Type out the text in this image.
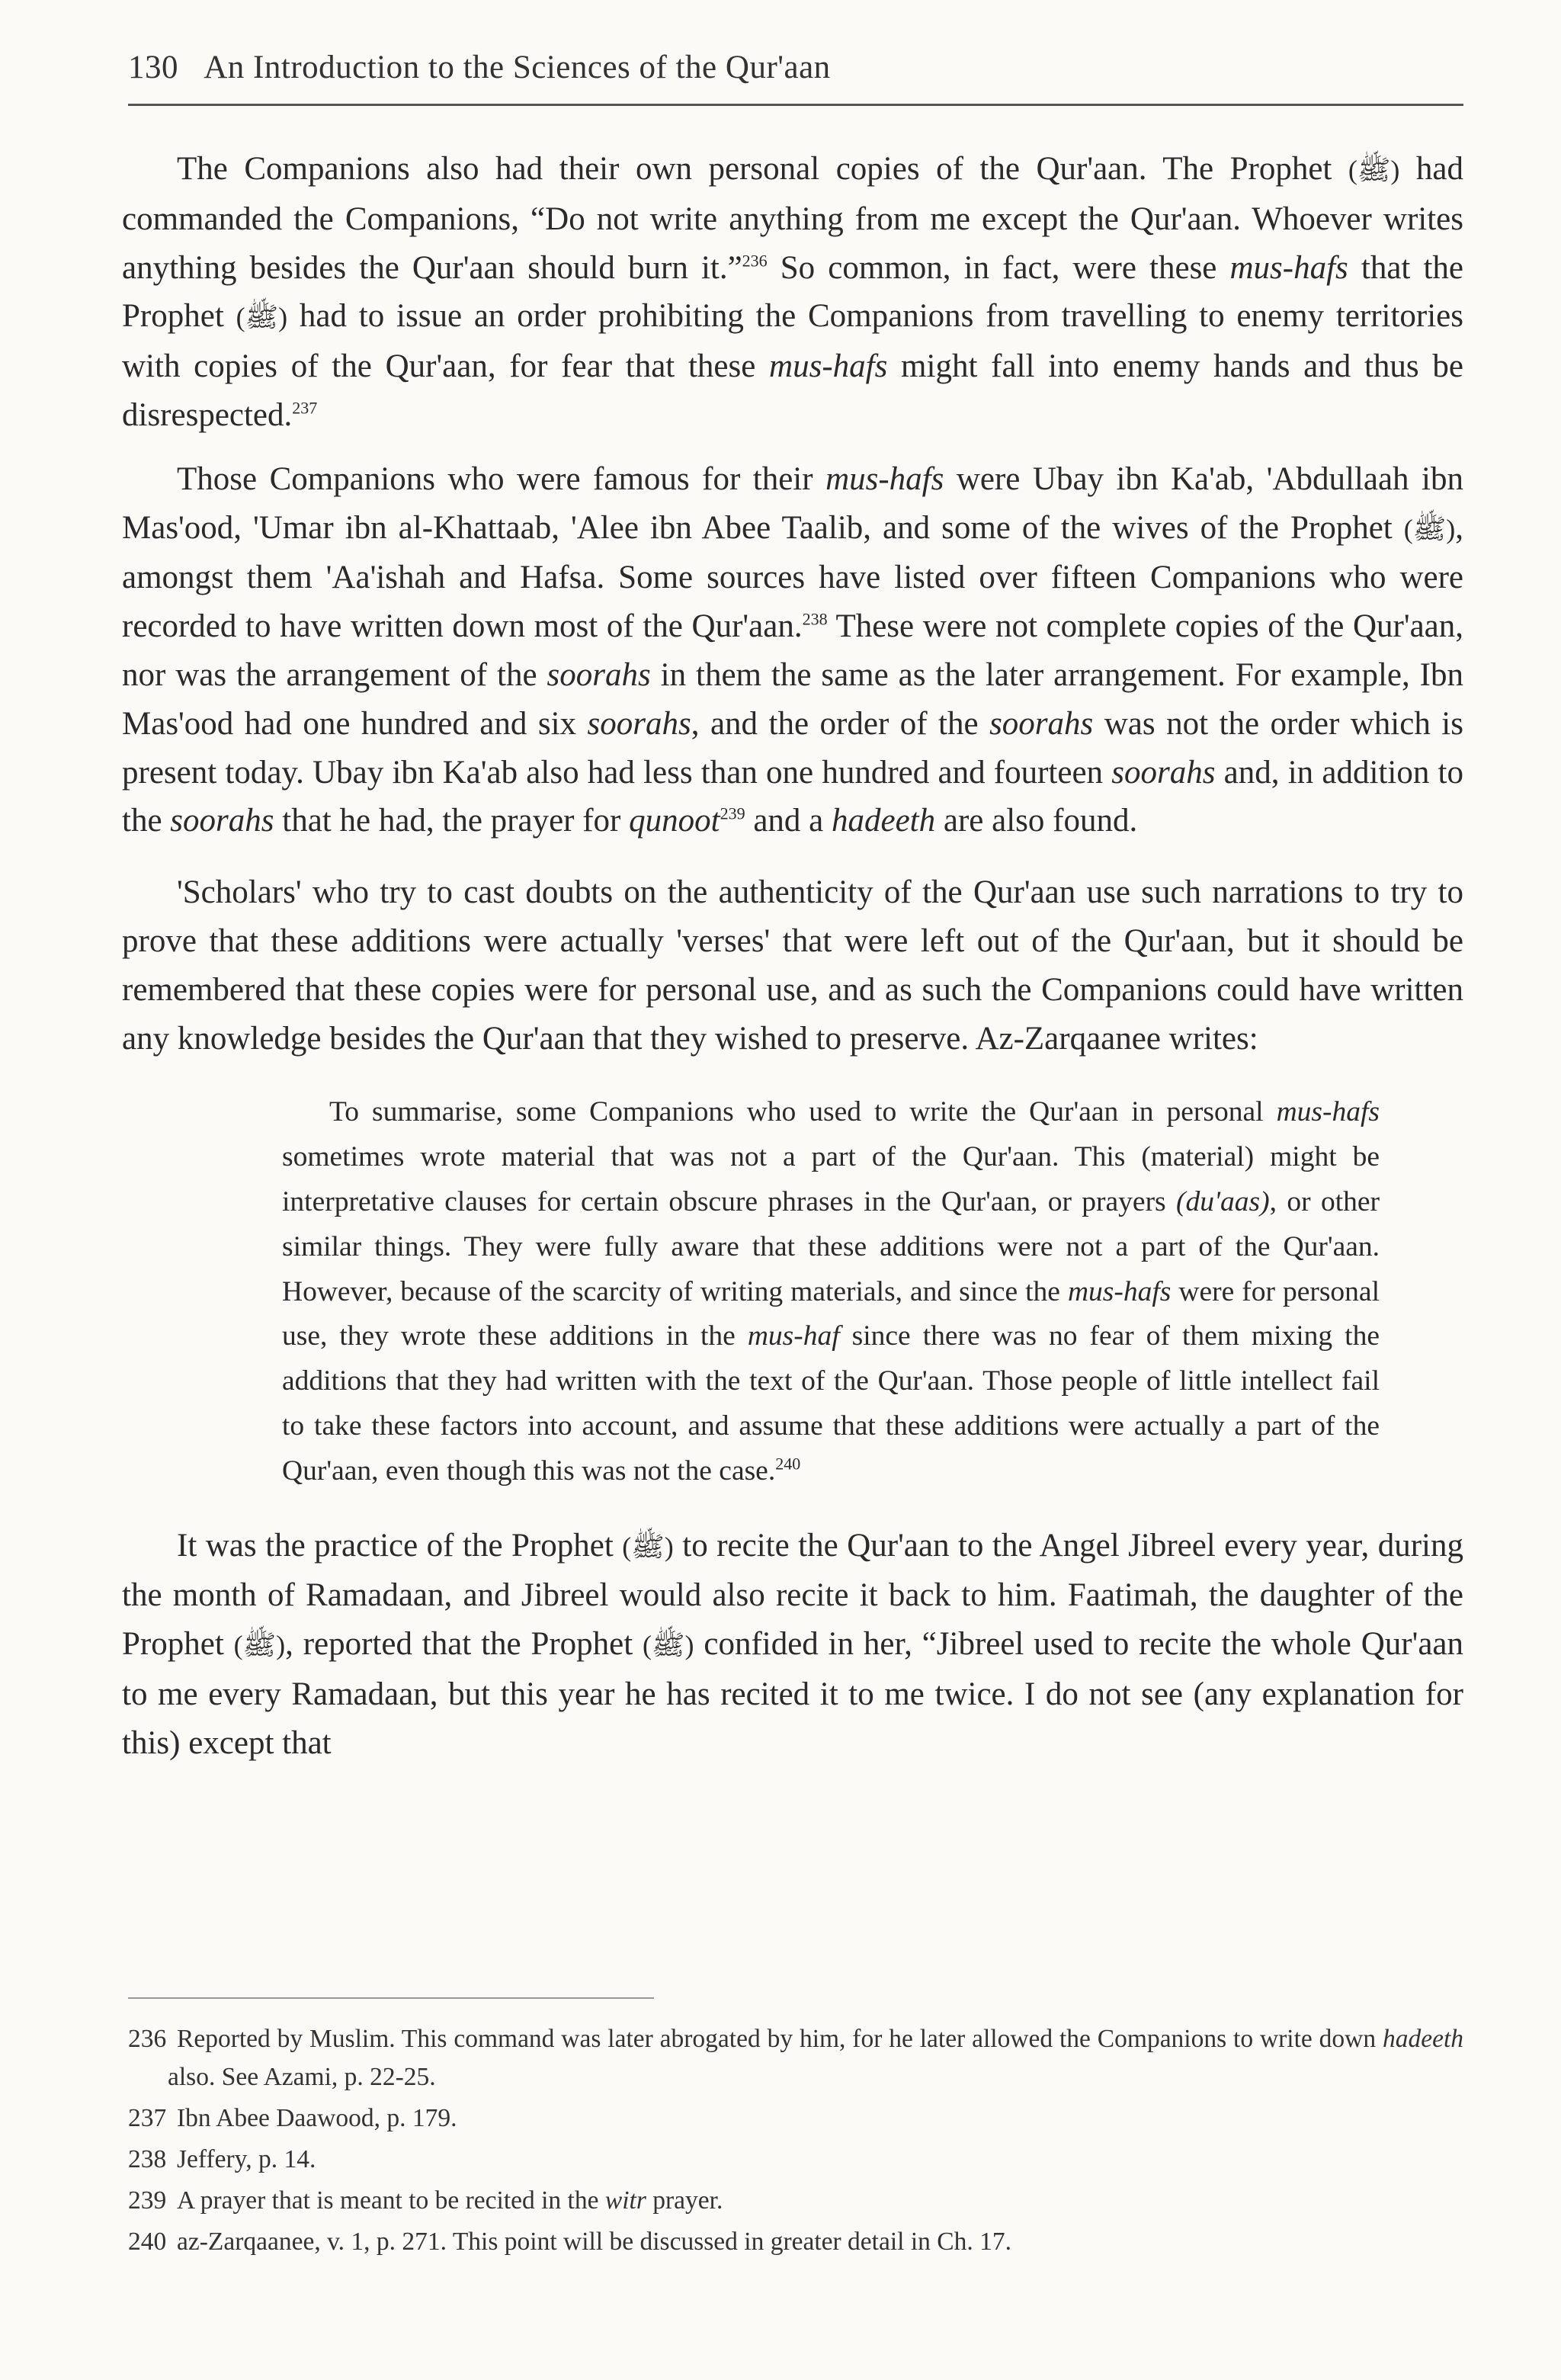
130 An Introduction to the Sciences of the Qur'aan

The Companions also had their own personal copies of the Qur'aan. The Prophet (ﷺ) had commanded the Companions, “Do not write anything from me except the Qur'aan. Whoever writes anything besides the Qur'aan should burn it.”$^{236}$ So common, in fact, were these mus-hafs that the Prophet (ﷺ) had to issue an order prohibiting the Companions from travelling to enemy territories with copies of the Qur'aan, for fear that these mus-hafs might fall into enemy hands and thus be disrespected.$^{237}$

Those Companions who were famous for their mus-hafs were Ubay ibn Ka'ab, 'Abdullaah ibn Mas'ood, 'Umar ibn al-Khattaab, 'Alee ibn Abee Taalib, and some of the wives of the Prophet (ﷺ), amongst them 'Aa'ishah and Hafsa. Some sources have listed over fifteen Companions who were recorded to have written down most of the Qur'aan.$^{238}$ These were not complete copies of the Qur'aan, nor was the arrangement of the soorahs in them the same as the later arrangement. For example, Ibn Mas'ood had one hundred and six soorahs, and the order of the soorahs was not the order which is present today. Ubay ibn Ka'ab also had less than one hundred and fourteen soorahs and, in addition to the soorahs that he had, the prayer for qunoot$^{239}$ and a hadeeth are also found.

'Scholars' who try to cast doubts on the authenticity of the Qur'aan use such narrations to try to prove that these additions were actually 'verses' that were left out of the Qur'aan, but it should be remembered that these copies were for personal use, and as such the Companions could have written any knowledge besides the Qur'aan that they wished to preserve. Az-Zarqaanee writes:

To summarise, some Companions who used to write the Qur'aan in personal mus-hafs sometimes wrote material that was not a part of the Qur'aan. This (material) might be interpretative clauses for certain obscure phrases in the Qur'aan, or prayers (du'aas), or other similar things. They were fully aware that these additions were not a part of the Qur'aan. However, because of the scarcity of writing materials, and since the mus-hafs were for personal use, they wrote these additions in the mus-haf since there was no fear of them mixing the additions that they had written with the text of the Qur'aan. Those people of little intellect fail to take these factors into account, and assume that these additions were actually a part of the Qur'aan, even though this was not the case.$^{240}$

It was the practice of the Prophet (ﷺ) to recite the Qur'aan to the Angel Jibreel every year, during the month of Ramadaan, and Jibreel would also recite it back to him. Faatimah, the daughter of the Prophet (ﷺ), reported that the Prophet (ﷺ) confided in her, “Jibreel used to recite the whole Qur'aan to me every Ramadaan, but this year he has recited it to me twice. I do not see (any explanation for this) except that

236 Reported by Muslim. This command was later abrogated by him, for he later allowed the Companions to write down hadeeth also. See Azami, p. 22-25.

237 Ibn Abee Daawood, p. 179.

238 Jeffery, p. 14.

239 A prayer that is meant to be recited in the witr prayer.

240 az-Zarqaanee, v. 1, p. 271. This point will be discussed in greater detail in Ch. 17.
